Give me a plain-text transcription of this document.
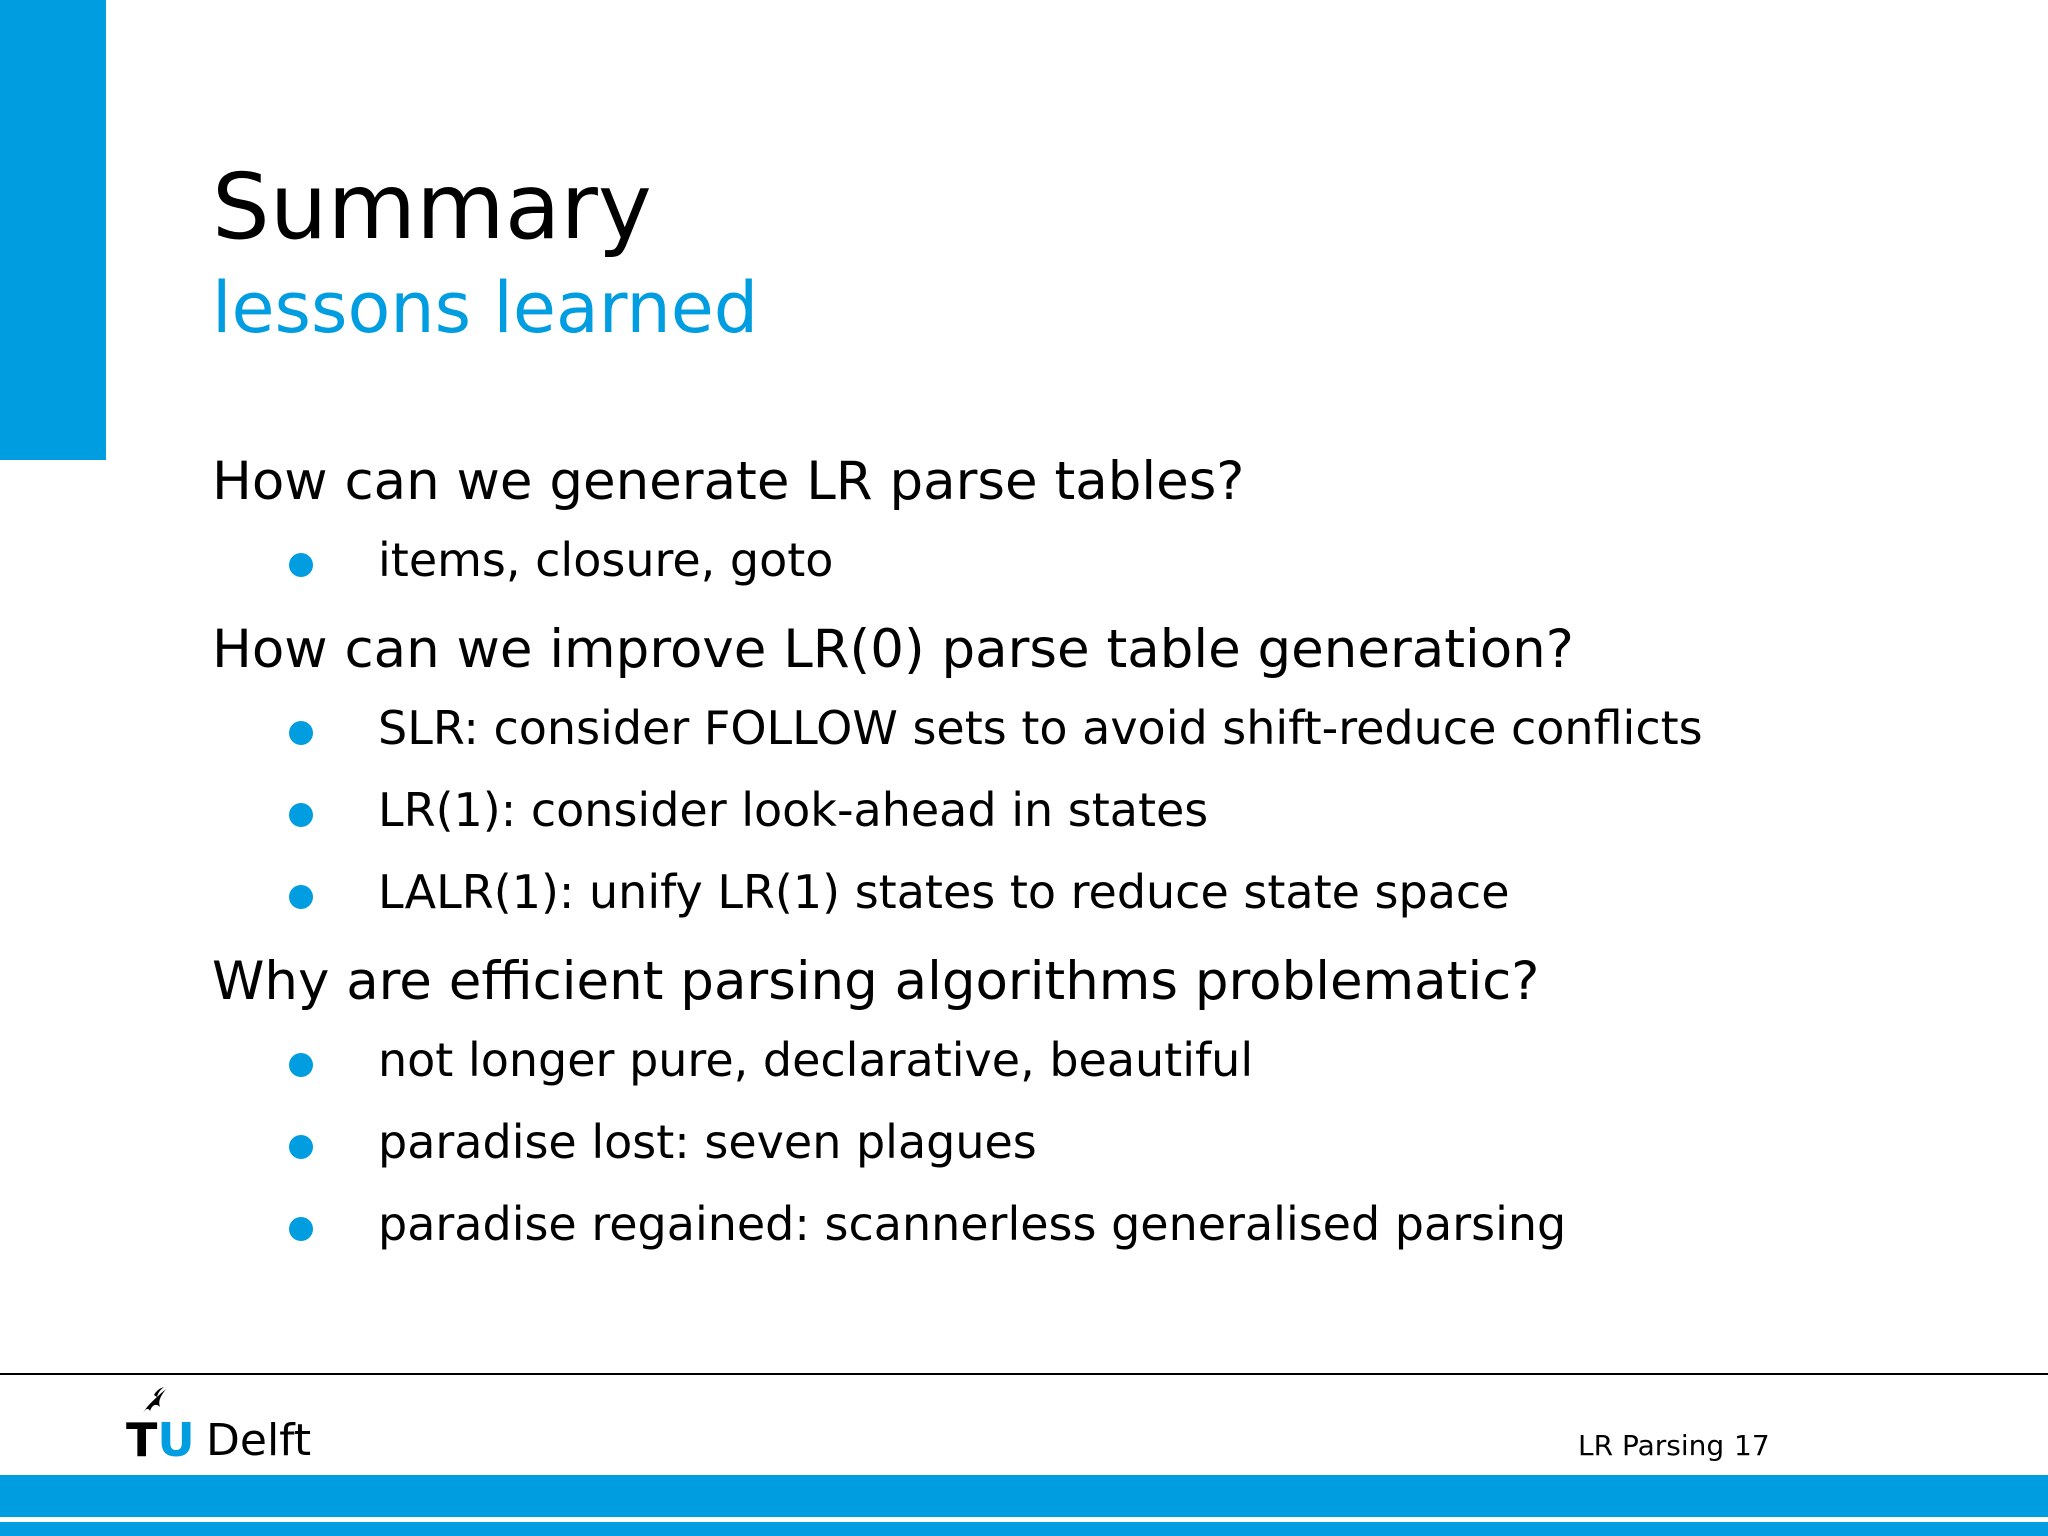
Summary
lessons learned
How can we generate LR parse tables?
items, closure, goto
How can we improve LR(0) parse table generation?
SLR: consider FOLLOW sets to avoid shift-reduce conflicts
LR(1): consider look-ahead in states
LALR(1): unify LR(1) states to reduce state space
Why are efficient parsing algorithms problematic?
not longer pure, declarative, beautiful
paradise lost: seven plagues
paradise regained: scannerless generalised parsing
TU Delft	LR Parsing 17
